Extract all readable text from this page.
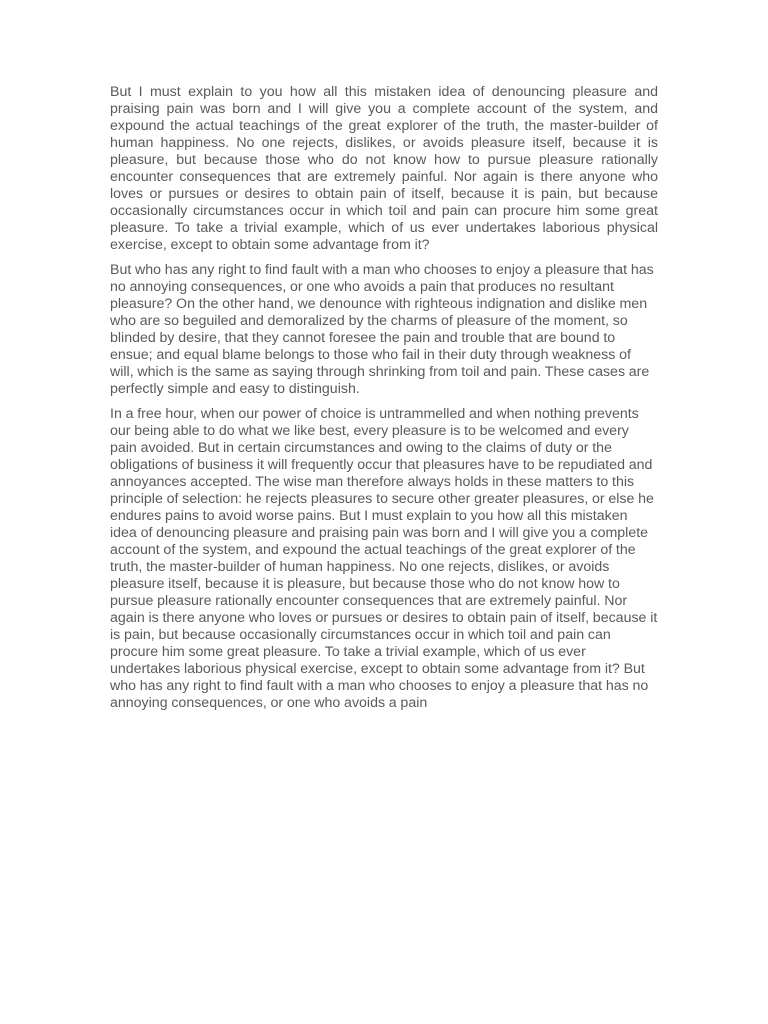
But I must explain to you how all this mistaken idea of denouncing pleasure and praising pain was born and I will give you a complete account of the system, and expound the actual teachings of the great explorer of the truth, the master-builder of human happiness. No one rejects, dislikes, or avoids pleasure itself, because it is pleasure, but because those who do not know how to pursue pleasure rationally encounter consequences that are extremely painful. Nor again is there anyone who loves or pursues or desires to obtain pain of itself, because it is pain, but because occasionally circumstances occur in which toil and pain can procure him some great pleasure. To take a trivial example, which of us ever undertakes laborious physical exercise, except to obtain some advantage from it?

But who has any right to find fault with a man who chooses to enjoy a pleasure that has no annoying consequences, or one who avoids a pain that produces no resultant pleasure? On the other hand, we denounce with righteous indignation and dislike men who are so beguiled and demoralized by the charms of pleasure of the moment, so blinded by desire, that they cannot foresee the pain and trouble that are bound to ensue; and equal blame belongs to those who fail in their duty through weakness of will, which is the same as saying through shrinking from toil and pain. These cases are perfectly simple and easy to distinguish.

In a free hour, when our power of choice is untrammelled and when nothing prevents our being able to do what we like best, every pleasure is to be welcomed and every pain avoided. But in certain circumstances and owing to the claims of duty or the obligations of business it will frequently occur that pleasures have to be repudiated and annoyances accepted. The wise man therefore always holds in these matters to this principle of selection: he rejects pleasures to secure other greater pleasures, or else he endures pains to avoid worse pains. But I must explain to you how all this mistaken idea of denouncing pleasure and praising pain was born and I will give you a complete account of the system, and expound the actual teachings of the great explorer of the truth, the master-builder of human happiness. No one rejects, dislikes, or avoids pleasure itself, because it is pleasure, but because those who do not know how to pursue pleasure rationally encounter consequences that are extremely painful. Nor again is there anyone who loves or pursues or desires to obtain pain of itself, because it is pain, but because occasionally circumstances occur in which toil and pain can procure him some great pleasure. To take a trivial example, which of us ever undertakes laborious physical exercise, except to obtain some advantage from it? But who has any right to find fault with a man who chooses to enjoy a pleasure that has no annoying consequences, or one who avoids a pain
